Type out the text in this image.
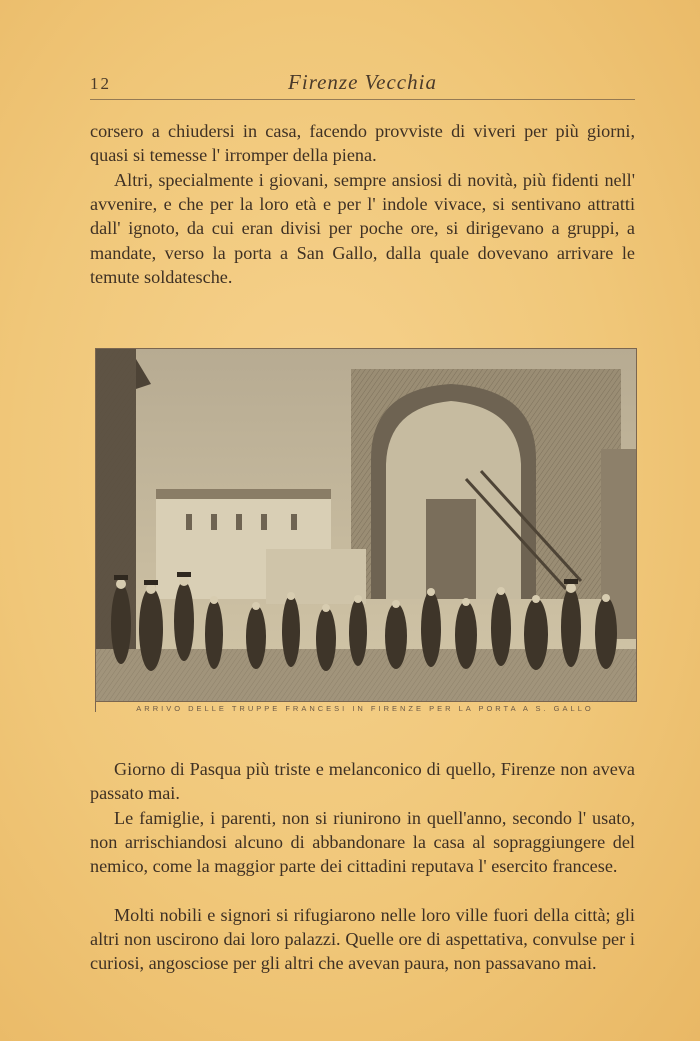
12	Firenze Vecchia

corsero a chiudersi in casa, facendo provviste di viveri per più giorni, quasi si temesse l' irromper della piena.

Altri, specialmente i giovani, sempre ansiosi di novità, più fidenti nell' avvenire, e che per la loro età e per l' indole vivace, si sentivano attratti dall' ignoto, da cui eran divisi per poche ore, si dirigevano a gruppi, a mandate, verso la porta a San Gallo, dalla quale dovevano arrivare le temute soldatesche.

ARRIVO DELLE TRUPPE FRANCESI IN FIRENZE PER LA PORTA A S. GALLO

Giorno di Pasqua più triste e melanconico di quello, Firenze non aveva passato mai.

Le famiglie, i parenti, non si riunirono in quell'anno, secondo l' usato, non arrischiandosi alcuno di abbandonare la casa al sopraggiungere del nemico, come la maggior parte dei cittadini reputava l' esercito francese.

Molti nobili e signori si rifugiarono nelle loro ville fuori della città; gli altri non uscirono dai loro palazzi. Quelle ore di aspettativa, convulse per i curiosi, angosciose per gli altri che avevan paura, non passavano mai.
